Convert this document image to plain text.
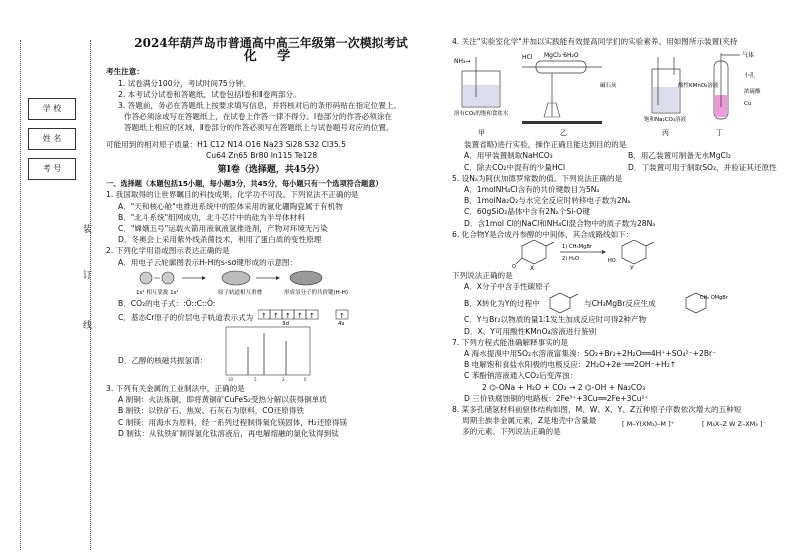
学 校
姓 名
考 号
装
订
线
2024年葫芦岛市普通高中高三年级第一次模拟考试
化 学

考生注意：

1. 试卷满分100分，考试时间75分钟。

2. 本考试分试卷和答题纸，试卷包括Ⅰ卷和Ⅱ卷两部分。

3. 答题前，务必在答题纸上按要求填写信息，并将核对后的条形码贴在指定位置上。

作答必须涂或写在答题纸上，在试卷上作答一律不得分。Ⅰ卷部分的作答必须涂在

答题纸上相应的区域，Ⅱ卷部分的作答必须写在答题纸上与试卷题号对应的位置。

可能用到的相对原子质量：H1 C12 N14 O16 Na23 Si28 S32 Cl35.5

Cu64 Zn65 Br80 In115 Te128

第Ⅰ卷（选择题，共45分）

一、选择题（本题包括15小题，每小题3分，共45分，每小题只有一个选项符合题意）

1. 我国取得的让世界瞩目的科技成果，化学功不可没。下列说法不正确的是

A．"天和核心舱"电推进系统中的腔体采用的氮化硼陶瓷属于有机物

B．"北斗系统"组网成功，北斗芯片中的硅为半导体材料

C．"嫦娥五号"运载火箭用液氧液氢推进剂，产物对环境无污染

D．冬奥会上采用紫外线杀菌技术，利用了蛋白质的变性原理

2. 下列化学用语或图示表达正确的是

A．用电子云轮廓图表示H-H的s-sσ键形成的示意图：

1s¹ 相互靠拢 1s¹	原子轨道相互重叠	形成氢分子的共价键(H-H)

B．CO₂的电子式：:Ö::C::Ö:

C．基态Cr原子的价层电子轨道表示式为 ↑ ↑ ↑ ↑ ↑	↑
3d	4s
D．乙醇的核磁共振氢谱：
10	5	2	0

3. 下列有关金属的工业制法中，正确的是

A 制铜：火法炼铜，即将黄铜矿CuFeS₂受热分解以获得铜单质

B 制铁：以铁矿石、焦炭、石灰石为原料，CO还原得铁

C 制镁：用海水为原料，经一系列过程制得氧化镁固体，H₂还原得镁

D 制钛：从钛铁矿制得氯化钛溶液后，再电解熔融的氯化钛得到钛

4. 关注"实验室化学"并加以实践能有效提高同学们的实验素养。用如图所示装置(夹持

NH₃→
溶有CO₂的饱和食盐水
甲
HCl MgCl₂·6H₂O
碱石灰
乙
饱和Na₂CO₃溶液
丙
气体
小孔
酸性KMnO₄溶液
浓硫酸
Cu
丁

装置省略)进行实验，操作正确且能达到目的的是

A．用甲装置制取NaHCO₃	B．用乙装置可制备无水MgCl₂
C．除去CO₂中混有的少量HCl	D．丁装置可用于制取SO₂，并验证其还原性

5. 设Nₐ为阿伏加德罗常数的值。下列说法正确的是

A．1molNH₄Cl含有的共价键数目为5Nₐ

B．1molNa₂O₂与水完全反应时转移电子数为2Nₐ

C．60gSiO₂晶体中含有2Nₐ个Si-O键

D．含1mol Cl的NaCl和NH₄Cl混合物中的质子数为28Nₐ

6. 化合物Y是合成丹参醇的中间体，其合成路线如下：

O X
1) CH₃MgBr
2) H₂O	HO
Y

下列说法正确的是

A．X分子中含手性碳原子

B．X转化为Y的过程中	与CH₃MgBr反应生成
CH₃ OMgBr

C．Y与Br₂以物质的量1∶1发生加成反应时可得2种产物

D．X、Y可用酸性KMnO₄溶液进行鉴别

7. 下列方程式能准确解释事实的是

A 海水提溴中用SO₂水溶液富集溴：SO₂+Br₂+2H₂O══4H⁺+SO₄²⁻+2Br⁻

B 电解饱和食盐水阳极的电极反应：2H₂O+2e⁻══2OH⁻+H₂↑

C 苯酚钠溶液通入CO₂后变浑浊：

2 ⌬-ONa + H₂O + CO₂ → 2 ⌬-OH + Na₂CO₃

D 三价铁腐蚀铜的电路板：2Fe³⁺+3Cu══2Fe+3Cu²⁺

8. 某多孔储氢材料前驱体结构如图，M、W、X、Y、Z五种原子序数依次增大的五种短

周期主族非金属元素，Z是地壳中含量最
多的元素。下列说法正确的是
[ M–Y(XM₃)–M ]⁺	[ M₃X–Z W Z–XM₃ ]⁻
